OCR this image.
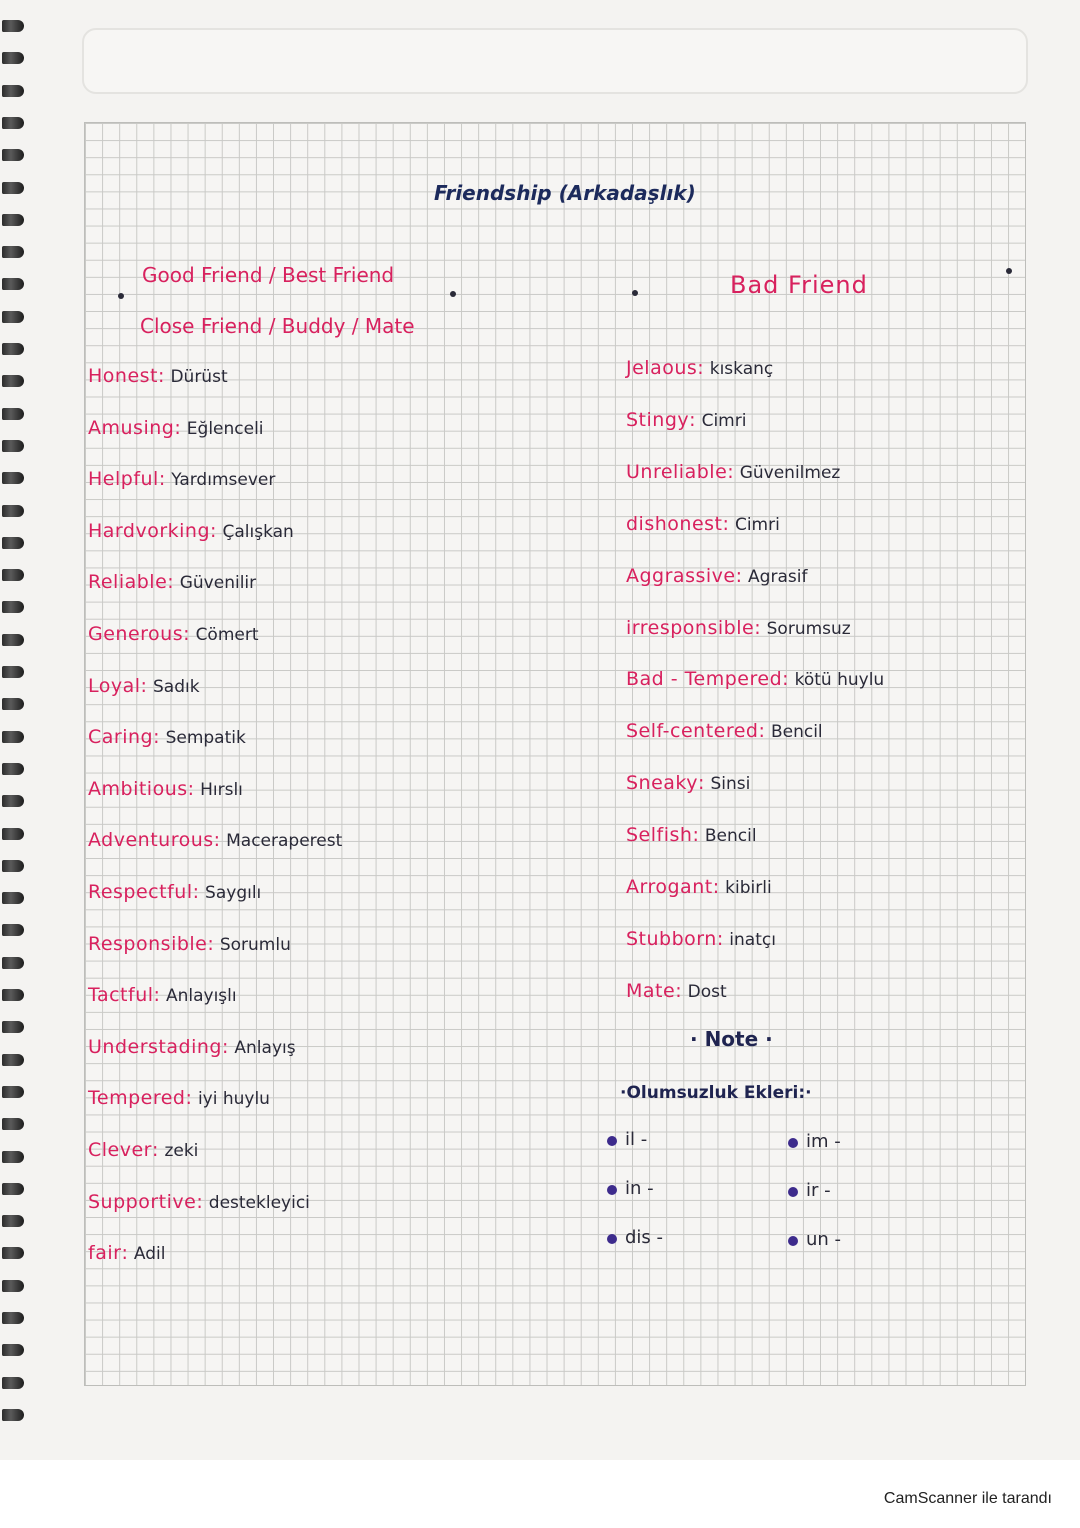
Friendship (Arkadaşlık)
Good Friend / Best Friend
Close Friend / Buddy / Mate
Bad Friend
Honest: Dürüst
Amusing: Eğlenceli
Helpful: Yardımsever
Hardvorking: Çalışkan
Reliable: Güvenilir
Generous: Cömert
Loyal: Sadık
Caring: Sempatik
Ambitious: Hırslı
Adventurous: Maceraperest
Respectful: Saygılı
Responsible: Sorumlu
Tactful: Anlayışlı
Understading: Anlayış
Tempered: iyi huylu
Clever: zeki
Supportive: destekleyici
fair: Adil
Jelaous: kıskanç
Stingy: Cimri
Unreliable: Güvenilmez
dishonest: Cimri
Aggrassive: Agrasif
irresponsible: Sorumsuz
Bad - Tempered: kötü huylu
Self-centered: Bencil
Sneaky: Sinsi
Selfish: Bencil
Arrogant: kibirli
Stubborn: inatçı
Mate: Dost
· Note ·
·Olumsuzluk Ekleri:·
il -
in -
dis -
im -
ir -
un -
CamScanner ile tarandı
